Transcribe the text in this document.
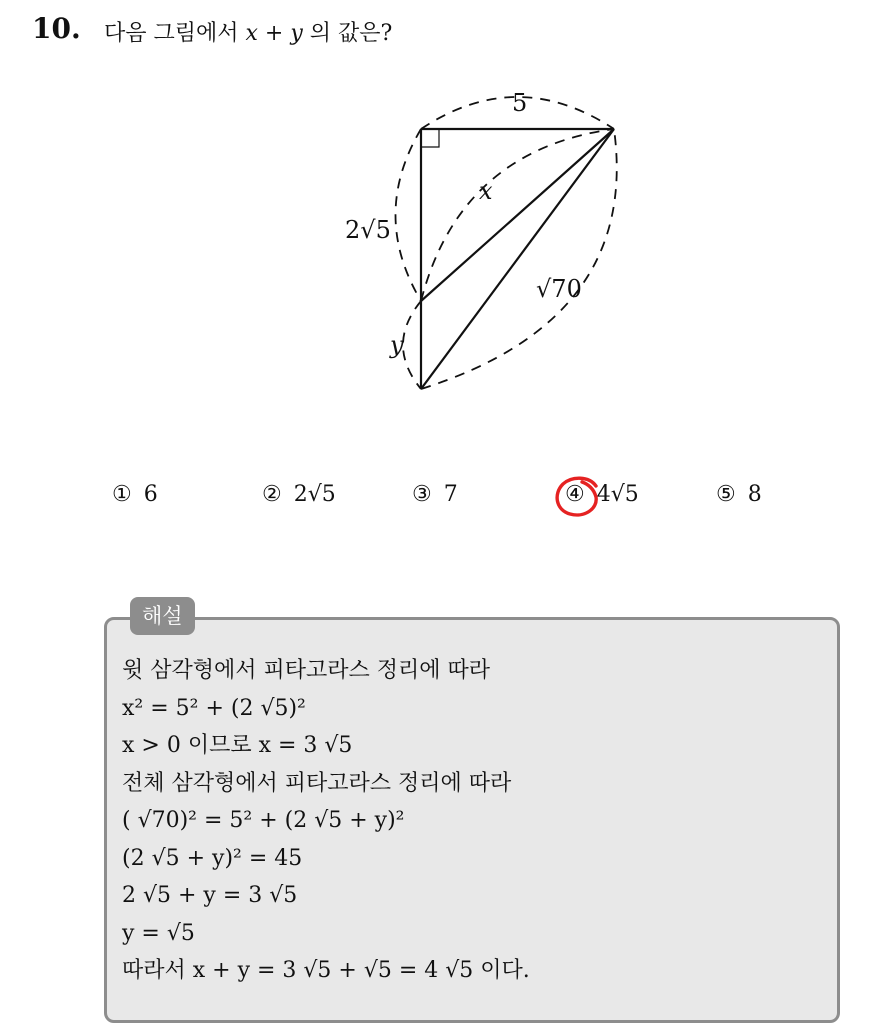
10. 다음 그림에서 x + y 의 값은?
5
2√5
x
√70
y
① 6	② 2√5	③ 7	④ 4√5	⑤ 8
해설
윗 삼각형에서 피타고라스 정리에 따라
x² = 5² + (2 √5)²
x > 0 이므로 x = 3 √5
전체 삼각형에서 피타고라스 정리에 따라
( √70)² = 5² + (2 √5 + y)²
(2 √5 + y)² = 45
2 √5 + y = 3 √5
y = √5
따라서 x + y = 3 √5 + √5 = 4 √5 이다.
